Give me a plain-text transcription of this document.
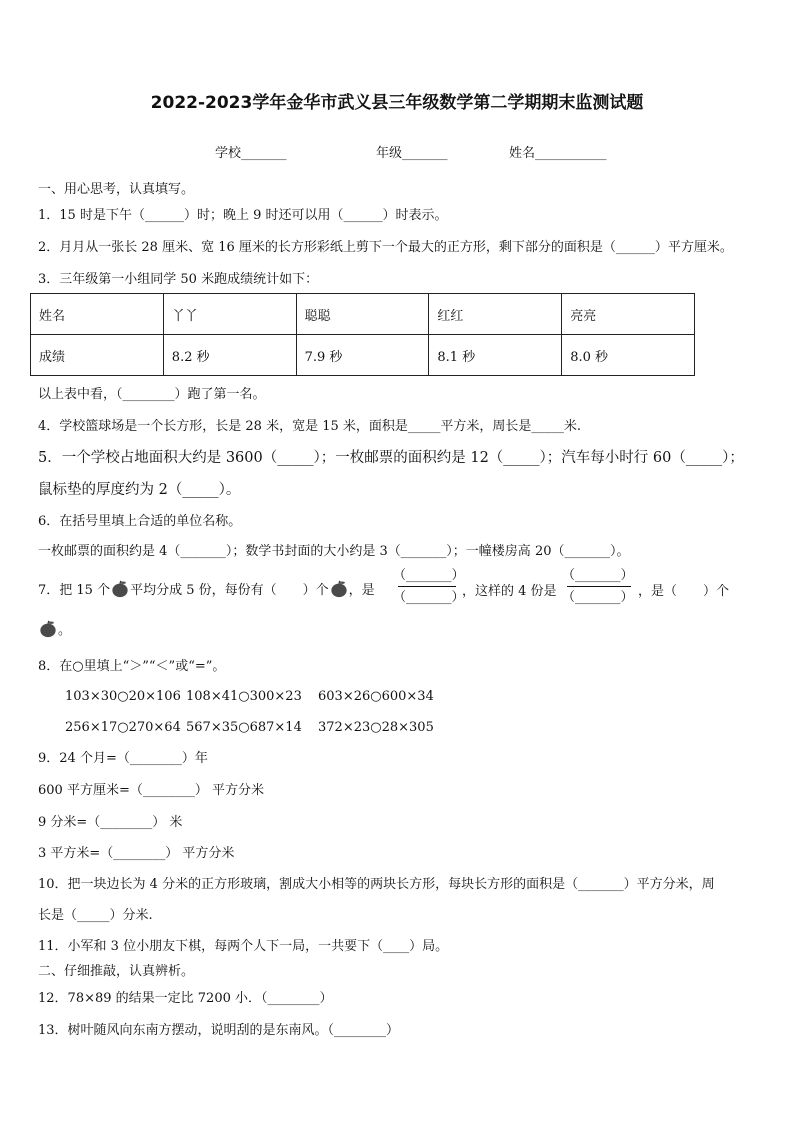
2022-2023学年金华市武义县三年级数学第二学期期末监测试题
学校_______	年级_______	姓名___________
一、用心思考，认真填写。
1．15 时是下午（______）时；晚上 9 时还可以用（______）时表示。
2．月月从一张长 28 厘米、宽 16 厘米的长方形彩纸上剪下一个最大的正方形，剩下部分的面积是（______）平方厘米。
3．三年级第一小组同学 50 米跑成绩统计如下：
姓名	丫丫	聪聪	红红	亮亮
成绩	8.2 秒	7.9 秒	8.1 秒	8.0 秒
以上表中看，（________）跑了第一名。
4．学校篮球场是一个长方形，长是 28 米，宽是 15 米，面积是_____平方米，周长是_____米.
5．一个学校占地面积大约是 3600（_____）；一枚邮票的面积约是 12（_____）；汽车每小时行 60（_____）；
鼠标垫的厚度约为 2（_____）。
6．在括号里填上合适的单位名称。
一枚邮票的面积约是 4（_______）；数学书封面的大小约是 3（_______）；一幢楼房高 20（_______）。
7．把 15 个 平均分成 5 份，每份有（　　）个 ，是
（_______）
（_______）
，这样的 4 份是
（_______）
（_______） ，是（　　）个
。
8．在○里填上“＞”“＜”或“=”。
103×30○20×106 108×41○300×23 603×26○600×34
256×17○270×64 567×35○687×14 372×23○28×305
9．24 个月=（________）年
600 平方厘米=（________） 平方分米
9 分米=（________） 米
3 平方米=（________） 平方分米
10．把一块边长为 4 分米的正方形玻璃，割成大小相等的两块长方形，每块长方形的面积是（_______）平方分米，周
长是（_____）分米.
11．小军和 3 位小朋友下棋，每两个人下一局，一共要下（____）局。
二、仔细推敲，认真辨析。
12．78×89 的结果一定比 7200 小．（________）
13．树叶随风向东南方摆动，说明刮的是东南风。（________）
